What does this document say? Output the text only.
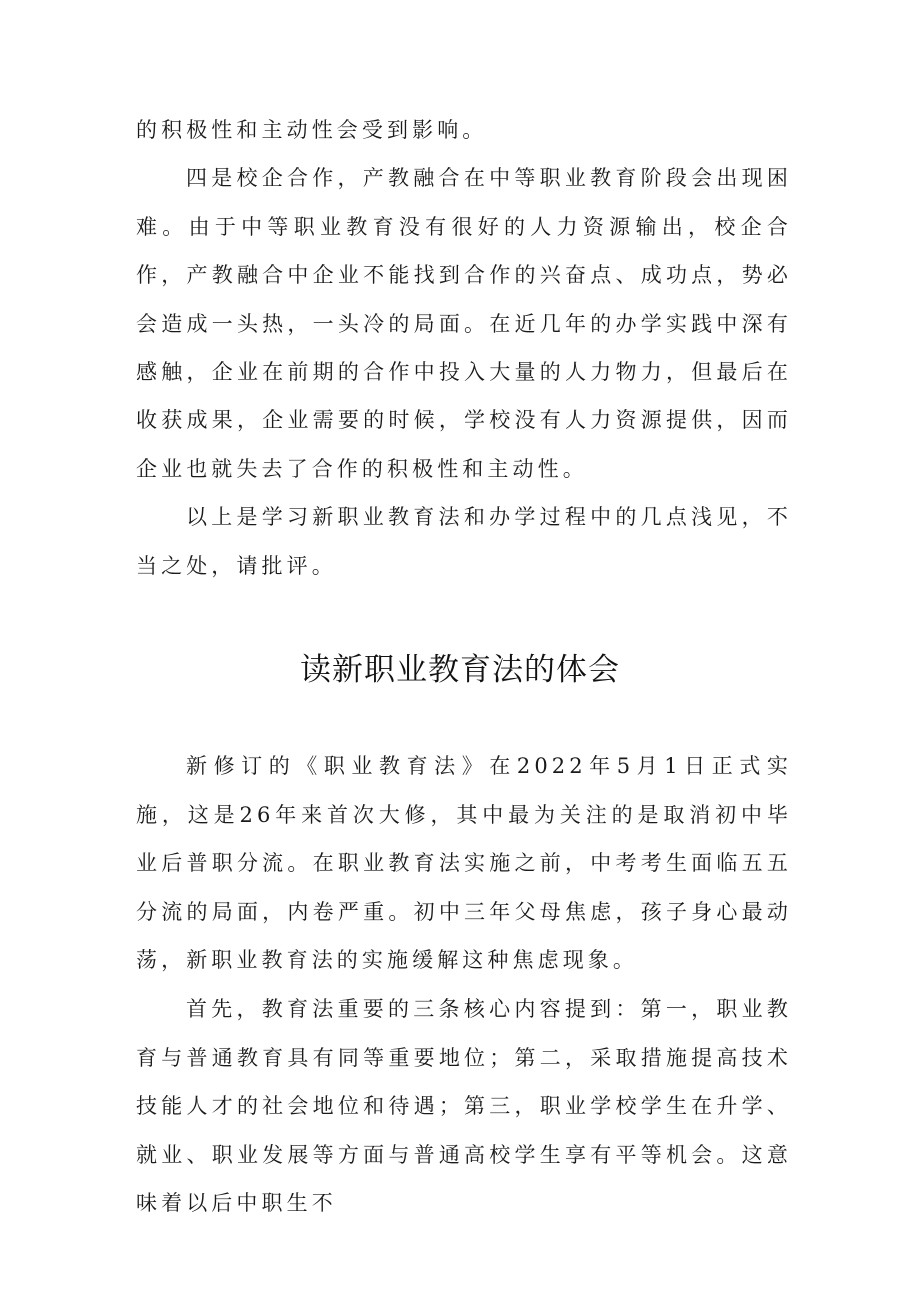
的积极性和主动性会受到影响。

四是校企合作，产教融合在中等职业教育阶段会出现困难。由于中等职业教育没有很好的人力资源输出，校企合作，产教融合中企业不能找到合作的兴奋点、成功点，势必会造成一头热，一头冷的局面。在近几年的办学实践中深有感触，企业在前期的合作中投入大量的人力物力，但最后在收获成果，企业需要的时候，学校没有人力资源提供，因而企业也就失去了合作的积极性和主动性。

以上是学习新职业教育法和办学过程中的几点浅见，不当之处，请批评。

读新职业教育法的体会

新修订的《职业教育法》在2022年5月1日正式实施，这是26年来首次大修，其中最为关注的是取消初中毕业后普职分流。在职业教育法实施之前，中考考生面临五五分流的局面，内卷严重。初中三年父母焦虑，孩子身心最动荡，新职业教育法的实施缓解这种焦虑现象。

首先，教育法重要的三条核心内容提到：第一，职业教育与普通教育具有同等重要地位；第二，采取措施提高技术技能人才的社会地位和待遇；第三，职业学校学生在升学、就业、职业发展等方面与普通高校学生享有平等机会。这意味着以后中职生不
